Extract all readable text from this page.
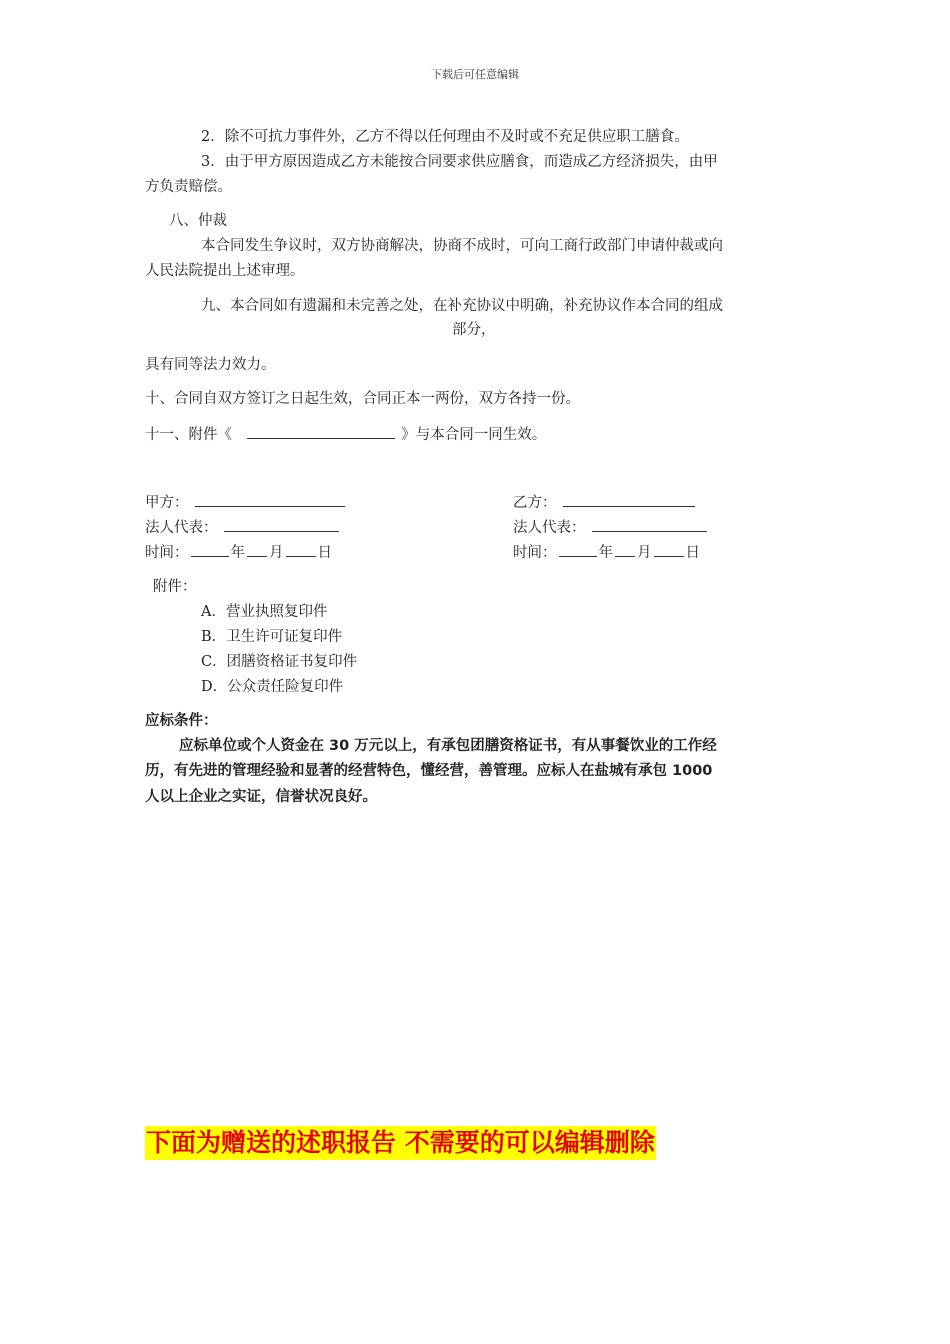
下载后可任意编辑
2．除不可抗力事件外，乙方不得以任何理由不及时或不充足供应职工膳食。
3．由于甲方原因造成乙方未能按合同要求供应膳食，而造成乙方经济损失，由甲
方负责赔偿。
八、仲裁
本合同发生争议时，双方协商解决，协商不成时，可向工商行政部门申请仲裁或向
人民法院提出上述审理。
九、本合同如有遗漏和未完善之处，在补充协议中明确，补充协议作本合同的组成
部分，
具有同等法力效力。
十、合同自双方签订之日起生效，合同正本一两份，双方各持一份。
十一、附件《	》与本合同一同生效。
甲方：	乙方：
法人代表：	法人代表：
时间：	年 月 日	时间：	年 月 日
附件：
A．营业执照复印件
B．卫生许可证复印件
C．团膳资格证书复印件
D．公众责任险复印件
应标条件：
应标单位或个人资金在 30 万元以上，有承包团膳资格证书，有从事餐饮业的工作经
历，有先进的管理经验和显著的经营特色，懂经营，善管理。应标人在盐城有承包 1000
人以上企业之实证，信誉状况良好。
下面为赠送的述职报告 不需要的可以编辑删除
